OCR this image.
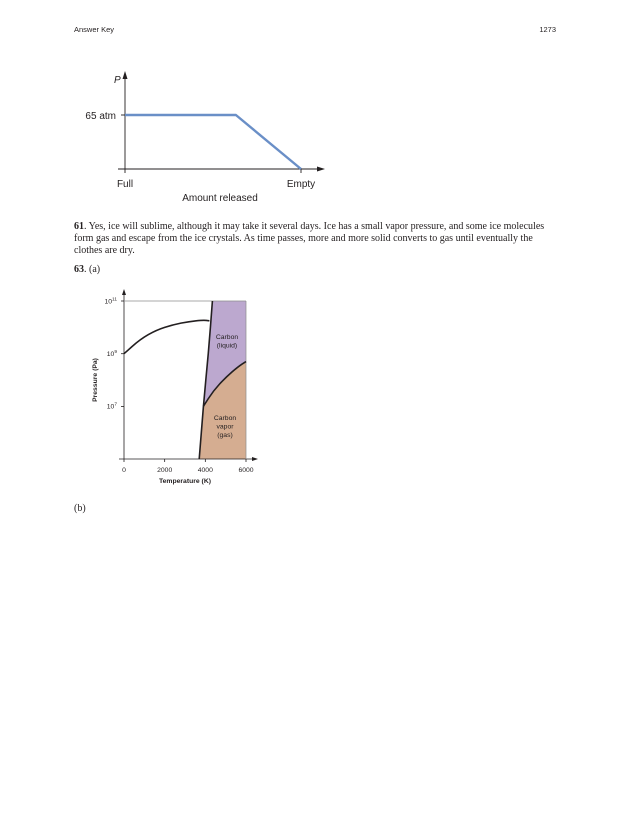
Answer Key	1273
P
65 atm
Full	Empty
Amount released
61. Yes, ice will sublime, although it may take it several days. Ice has a small vapor pressure, and some ice molecules form gas and escape from the ice crystals. As time passes, more and more solid converts to gas until eventually the clothes are dry.
63. (a)
$10^{11}$
$10^9$
$10^7$
0	2000	4000	6000
Temperature (K)
Pressure (Pa)
Carbon
(liquid)
Carbon
vapor
(gas)
(b)
